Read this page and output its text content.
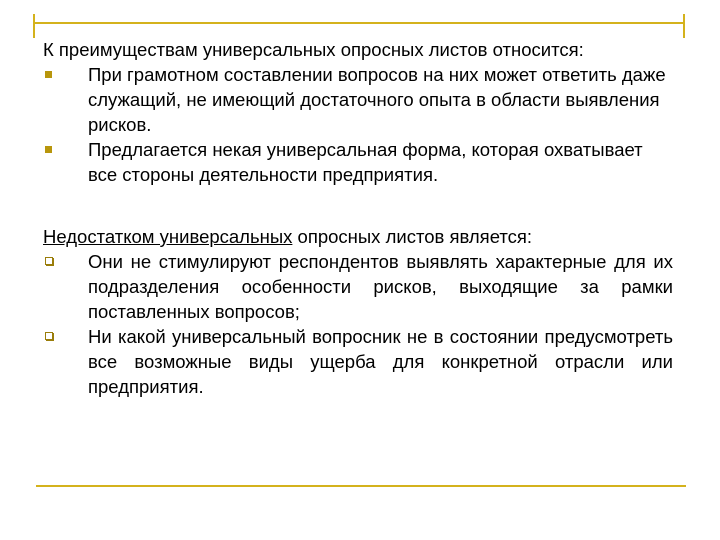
К преимуществам универсальных опросных листов относится:

При грамотном составлении вопросов на них может ответить даже служащий, не имеющий достаточного опыта в области выявления рисков.
Предлагается некая универсальная форма, которая охватывает все стороны деятельности предприятия.

Недостатком универсальных опросных листов является:

Они не стимулируют респондентов выявлять характерные для их подразделения особенности рисков, выходящие за рамки поставленных вопросов;
Ни какой универсальный вопросник не в состоянии предусмотреть все возможные виды ущерба для конкретной отрасли или предприятия.
